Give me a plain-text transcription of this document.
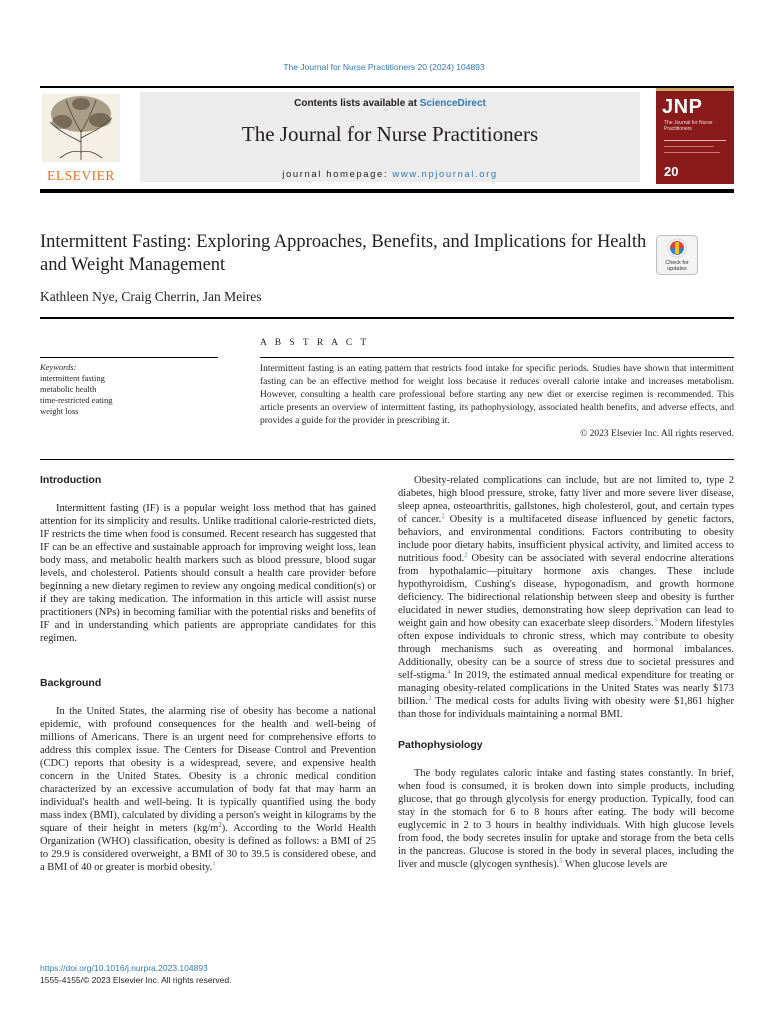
The Journal for Nurse Practitioners 20 (2024) 104893
ELSEVIER
Contents lists available at ScienceDirect
The Journal for Nurse Practitioners
journal homepage: www.npjournal.org
JNP
The Journal for Nurse Practitioners
20
Intermittent Fasting: Exploring Approaches, Benefits, and Implications for Health and Weight Management	Check for updates
Kathleen Nye, Craig Cherrin, Jan Meires
A B S T R A C T
Keywords:
intermittent fasting
metabolic health
time-restricted eating
weight loss
Intermittent fasting is an eating pattern that restricts food intake for specific periods. Studies have shown that intermittent fasting can be an effective method for weight loss because it reduces overall calorie intake and increases metabolism. However, consulting a health care professional before starting any new diet or exercise regimen is recommended. This article presents an overview of intermittent fasting, its pathophysiology, associated health benefits, and adverse effects, and provides a guide for the provider in prescribing it.
© 2023 Elsevier Inc. All rights reserved.
Introduction

Intermittent fasting (IF) is a popular weight loss method that has gained attention for its simplicity and results. Unlike traditional calorie-restricted diets, IF restricts the time when food is consumed. Recent research has suggested that IF can be an effective and sustainable approach for improving weight loss, lean body mass, and metabolic health markers such as blood pressure, blood sugar levels, and cholesterol. Patients should consult a health care provider before beginning a new dietary regimen to review any ongoing medical condition(s) or if they are taking medication. The information in this article will assist nurse practitioners (NPs) in becoming familiar with the potential risks and benefits of IF and in understanding which patients are appropriate candidates for this regimen.

Background

In the United States, the alarming rise of obesity has become a national epidemic, with profound consequences for the health and well-being of millions of Americans. There is an urgent need for comprehensive efforts to address this complex issue. The Centers for Disease Control and Prevention (CDC) reports that obesity is a widespread, severe, and expensive health concern in the United States. Obesity is a chronic medical condition characterized by an excessive accumulation of body fat that may harm an individual's health and well-being. It is typically quantified using the body mass index (BMI), calculated by dividing a person's weight in kilograms by the square of their height in meters $(kg/m^2)$. According to the World Health Organization (WHO) classification, obesity is defined as follows: a BMI of 25 to 29.9 is considered overweight, a BMI of 30 to 39.5 is considered obese, and a BMI of 40 or greater is morbid obesity.$^1$

Obesity-related complications can include, but are not limited to, type 2 diabetes, high blood pressure, stroke, fatty liver and more severe liver disease, sleep apnea, osteoarthritis, gallstones, high cholesterol, gout, and certain types of cancer.$^2$ Obesity is a multifaceted disease influenced by genetic factors, behaviors, and environmental conditions. Factors contributing to obesity include poor dietary habits, insufficient physical activity, and limited access to nutritious food.$^2$ Obesity can be associated with several endocrine alterations from hypothalamic—pituitary hormone axis changes. These include hypothyroidism, Cushing's disease, hypogonadism, and growth hormone deficiency. The bidirectional relationship between sleep and obesity is further elucidated in newer studies, demonstrating how sleep deprivation can lead to weight gain and how obesity can exacerbate sleep disorders.$^3$ Modern lifestyles often expose individuals to chronic stress, which may contribute to obesity through mechanisms such as overeating and hormonal imbalances. Additionally, obesity can be a source of stress due to societal pressures and self-stigma.$^4$ In 2019, the estimated annual medical expenditure for treating or managing obesity-related complications in the United States was nearly $173 billion.$^2$ The medical costs for adults living with obesity were $1,861 higher than those for individuals maintaining a normal BMI.

Pathophysiology

The body regulates caloric intake and fasting states constantly. In brief, when food is consumed, it is broken down into simple products, including glucose, that go through glycolysis for energy production. Typically, food can stay in the stomach for 6 to 8 hours after eating. The body will become euglycemic in 2 to 3 hours in healthy individuals. With high glucose levels from food, the body secretes insulin for uptake and storage from the beta cells in the pancreas. Glucose is stored in the body in several places, including the liver and muscle (glycogen synthesis).$^5$ When glucose levels are

https://doi.org/10.1016/j.nurpra.2023.104893
1555-4155/© 2023 Elsevier Inc. All rights reserved.
